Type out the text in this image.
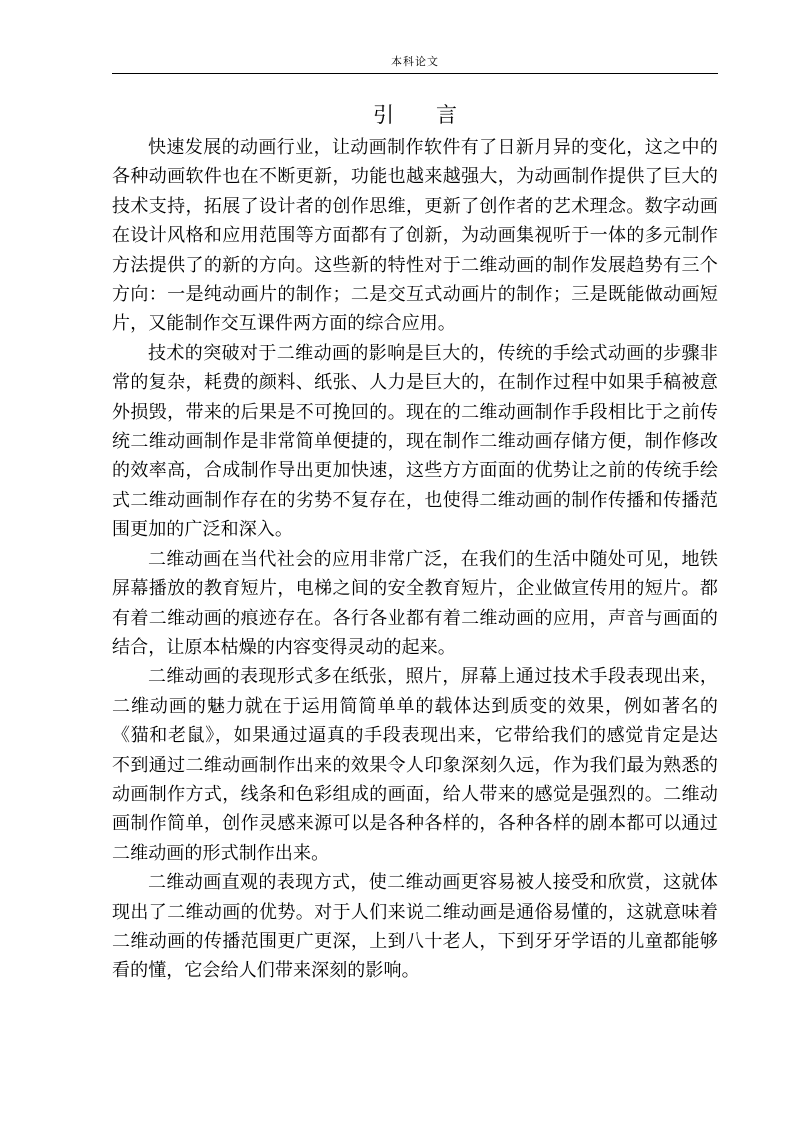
本科论文
引言

快速发展的动画行业，让动画制作软件有了日新月异的变化，这之中的各种动画软件也在不断更新，功能也越来越强大，为动画制作提供了巨大的技术支持，拓展了设计者的创作思维，更新了创作者的艺术理念。数字动画在设计风格和应用范围等方面都有了创新，为动画集视听于一体的多元制作方法提供了的新的方向。这些新的特性对于二维动画的制作发展趋势有三个方向：一是纯动画片的制作；二是交互式动画片的制作；三是既能做动画短片，又能制作交互课件两方面的综合应用。

技术的突破对于二维动画的影响是巨大的，传统的手绘式动画的步骤非常的复杂，耗费的颜料、纸张、人力是巨大的，在制作过程中如果手稿被意外损毁，带来的后果是不可挽回的。现在的二维动画制作手段相比于之前传统二维动画制作是非常简单便捷的，现在制作二维动画存储方便，制作修改的效率高，合成制作导出更加快速，这些方方面面的优势让之前的传统手绘式二维动画制作存在的劣势不复存在，也使得二维动画的制作传播和传播范围更加的广泛和深入。

二维动画在当代社会的应用非常广泛，在我们的生活中随处可见，地铁屏幕播放的教育短片，电梯之间的安全教育短片，企业做宣传用的短片。都有着二维动画的痕迹存在。各行各业都有着二维动画的应用，声音与画面的结合，让原本枯燥的内容变得灵动的起来。

二维动画的表现形式多在纸张，照片，屏幕上通过技术手段表现出来，二维动画的魅力就在于运用简简单单的载体达到质变的效果，例如著名的《猫和老鼠》，如果通过逼真的手段表现出来，它带给我们的感觉肯定是达不到通过二维动画制作出来的效果令人印象深刻久远，作为我们最为熟悉的动画制作方式，线条和色彩组成的画面，给人带来的感觉是强烈的。二维动画制作简单，创作灵感来源可以是各种各样的，各种各样的剧本都可以通过二维动画的形式制作出来。

二维动画直观的表现方式，使二维动画更容易被人接受和欣赏，这就体现出了二维动画的优势。对于人们来说二维动画是通俗易懂的，这就意味着二维动画的传播范围更广更深，上到八十老人，下到牙牙学语的儿童都能够看的懂，它会给人们带来深刻的影响。
